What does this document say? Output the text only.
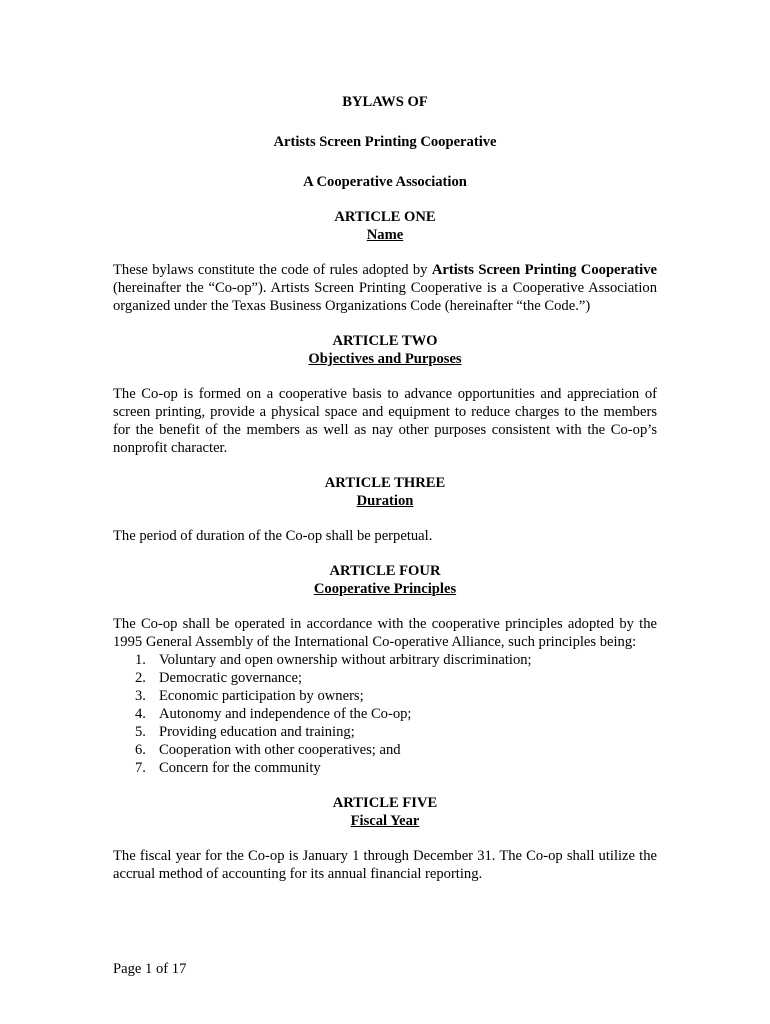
BYLAWS OF

Artists Screen Printing Cooperative

A Cooperative Association

ARTICLE ONE
Name

These bylaws constitute the code of rules adopted by Artists Screen Printing Cooperative (hereinafter the “Co-op”). Artists Screen Printing Cooperative is a Cooperative Association organized under the Texas Business Organizations Code (hereinafter “the Code.”)

ARTICLE TWO
Objectives and Purposes

The Co-op is formed on a cooperative basis to advance opportunities and appreciation of screen printing, provide a physical space and equipment to reduce charges to the members for the benefit of the members as well as nay other purposes consistent with the Co-op’s nonprofit character.

ARTICLE THREE
Duration

The period of duration of the Co-op shall be perpetual.

ARTICLE FOUR
Cooperative Principles

The Co-op shall be operated in accordance with the cooperative principles adopted by the 1995 General Assembly of the International Co-operative Alliance, such principles being:

1. Voluntary and open ownership without arbitrary discrimination;
2. Democratic governance;
3. Economic participation by owners;
4. Autonomy and independence of the Co-op;
5. Providing education and training;
6. Cooperation with other cooperatives; and
7. Concern for the community
ARTICLE FIVE
Fiscal Year

The fiscal year for the Co-op is January 1 through December 31. The Co-op shall utilize the accrual method of accounting for its annual financial reporting.

Page 1 of 17
